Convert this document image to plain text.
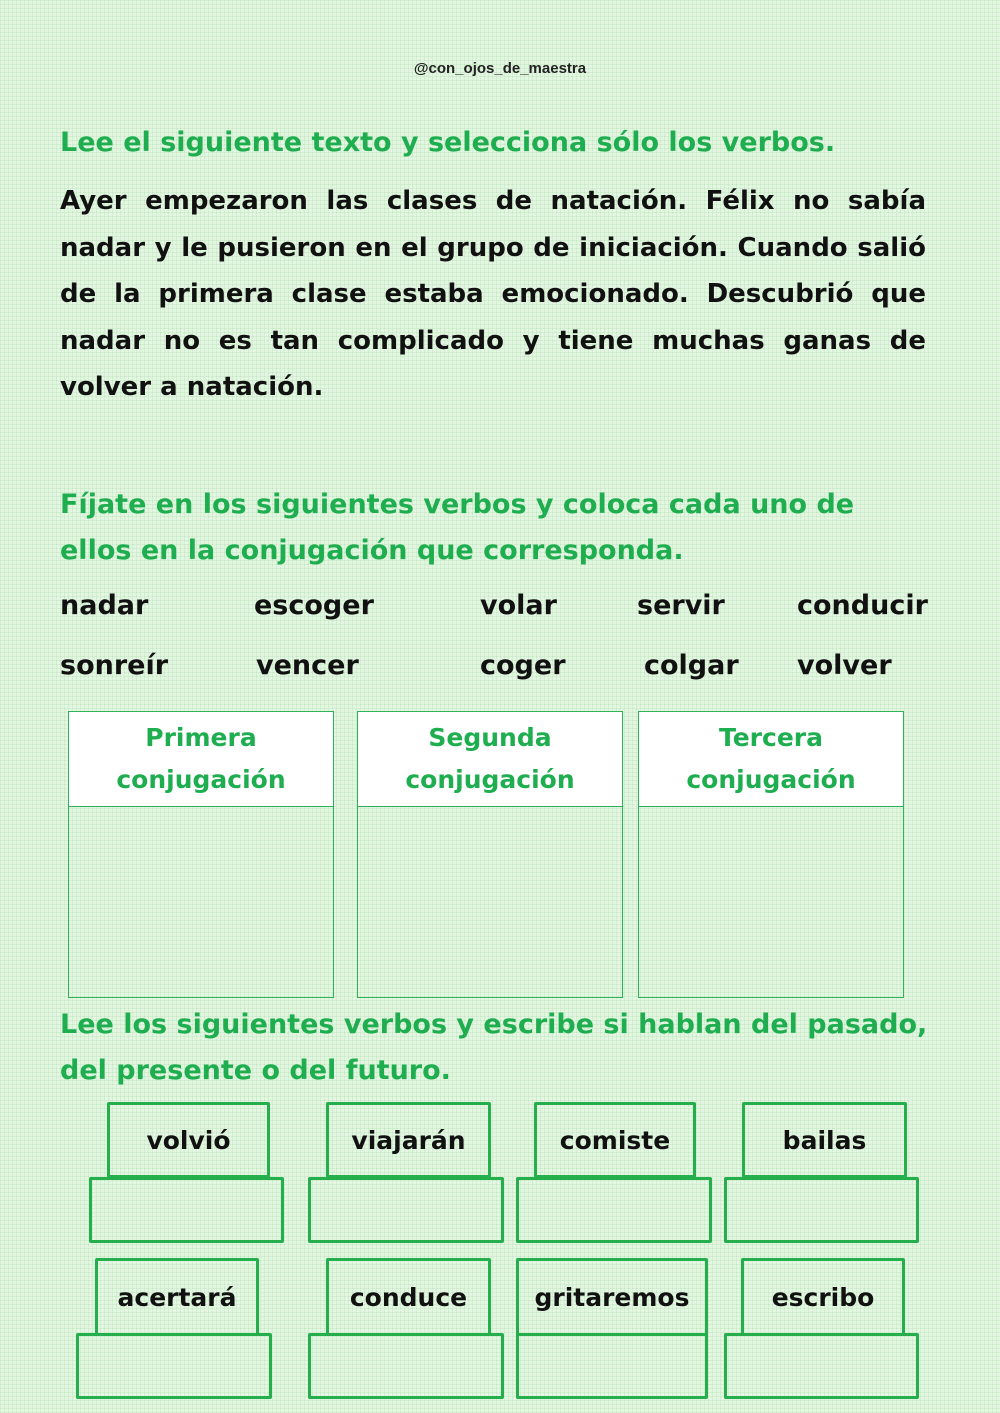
@con_ojos_de_maestra
Lee el siguiente texto y selecciona sólo los verbos.
Ayer empezaron las clases de natación. Félix no sabía nadar y le pusieron en el grupo de iniciación. Cuando salió de la primera clase estaba emocionado. Descubrió que nadar no es tan complicado y tiene muchas ganas de volver a natación.
Fíjate en los siguientes verbos y coloca cada uno de ellos en la conjugación que corresponda.
nadar	escoger	volar	servir	conducir
sonreír	vencer	coger	colgar volver
Primera
conjugación
Segunda
conjugación
Tercera
conjugación
Lee los siguientes verbos y escribe si hablan del pasado, del presente o del futuro.
volvió	viajarán	comiste	bailas
acertará	conduce	gritaremos	escribo
